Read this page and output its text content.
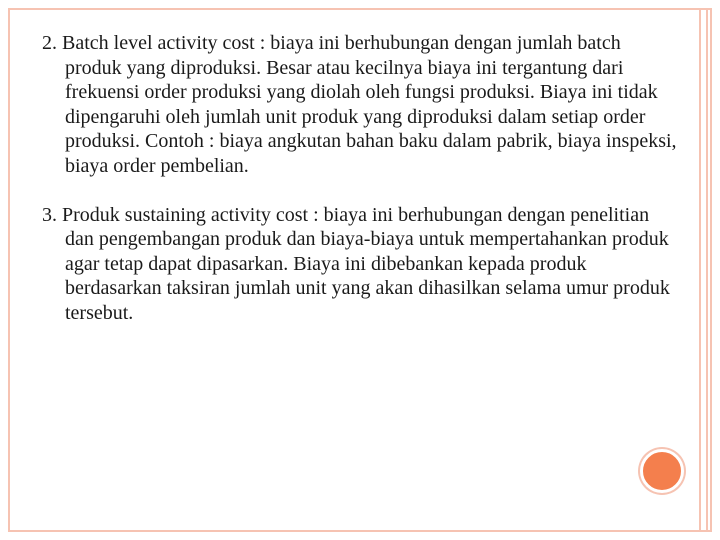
2. Batch level activity cost : biaya ini berhubungan dengan jumlah batch produk yang diproduksi. Besar atau kecilnya biaya ini tergantung dari frekuensi order produksi yang diolah oleh fungsi produksi. Biaya ini tidak dipengaruhi oleh jumlah unit produk yang diproduksi dalam setiap order produksi. Contoh : biaya angkutan bahan baku dalam pabrik, biaya inspeksi, biaya order pembelian.

3. Produk sustaining activity cost : biaya ini berhubungan dengan penelitian dan pengembangan produk dan biaya-biaya untuk mempertahankan produk agar tetap dapat dipasarkan. Biaya ini dibebankan kepada produk berdasarkan taksiran jumlah unit yang akan dihasilkan selama umur produk tersebut.
